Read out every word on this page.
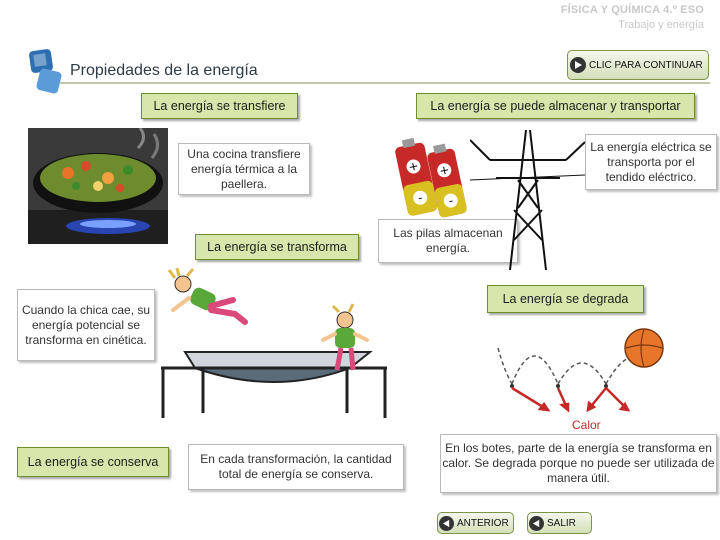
FÍSICA Y QUÍMICA 4.º ESO
Trabajo y energía
Propiedades de la energía	CLIC PARA CONTINUAR
La energía se transfiere	La energía se puede almacenar y transportar
La energía se transforma
La energía se degrada
La energía se conserva
Una cocina transfiere energía térmica a la paellera.
La energía eléctrica se transporta por el tendido eléctrico.
Las pilas almacenan energía.
Cuando la chica cae, su energía potencial se transforma en cinética.
En cada transformación, la cantidad total de energía se conserva.
En los botes, parte de la energía se transforma en calor. Se degrada porque no puede ser utilizada de manera útil.
+
-
+
-
Calor
ANTERIOR	SALIR
